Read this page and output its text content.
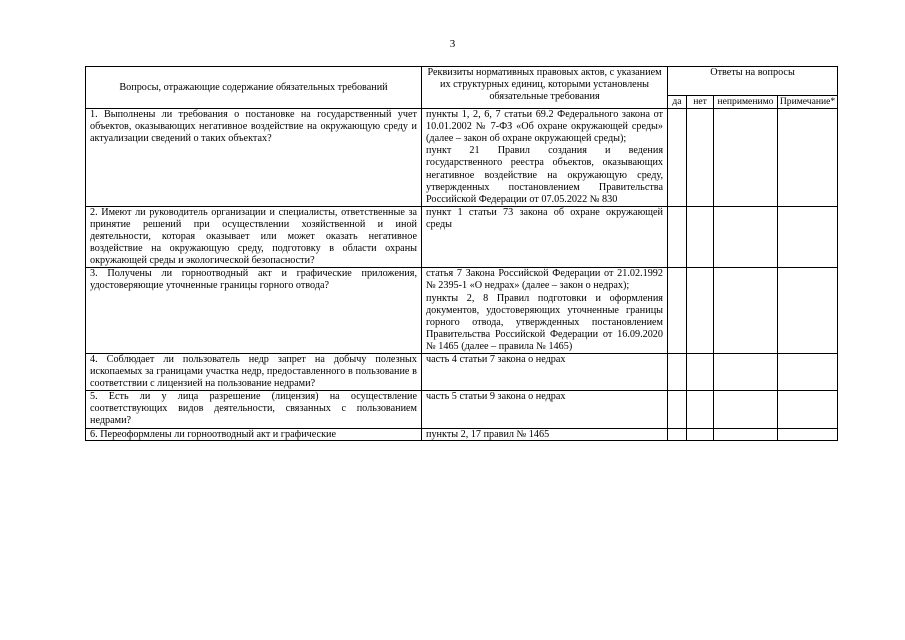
3
Вопросы, отражающие содержание обязательных требований	Реквизиты нормативных правовых актов, с указанием их структурных единиц, которыми установлены обязательные требования	Ответы на вопросы			
		да	нет	неприменимо	Примечание*
1. Выполнены ли требования о постановке на государственный учет объектов, оказывающих негативное воздействие на окружающую среду и актуализации сведений о таких объектах?	пункты 1, 2, 6, 7 статьи 69.2 Федерального закона от 10.01.2002 № 7-ФЗ «Об охране окружающей среды» (далее – закон об охране окружающей среды);
пункт 21 Правил создания и ведения государственного реестра объектов, оказывающих негативное воздействие на окружающую среду, утвержденных постановлением Правительства Российской Федерации от 07.05.2022 № 830				

2. Имеют ли руководитель организации и специалисты, ответственные за принятие решений при осуществлении хозяйственной и иной деятельности, которая оказывает или может оказать негативное воздействие на окружающую среду, подготовку в области охраны окружающей среды и экологической безопасности?	пункт 1 статьи 73 закона об охране окружающей среды				

3. Получены ли горноотводный акт и графические приложения, удостоверяющие уточненные границы горного отвода?	статья 7 Закона Российской Федерации от 21.02.1992 № 2395-1 «О недрах» (далее – закон о недрах);
пункты 2, 8 Правил подготовки и оформления документов, удостоверяющих уточненные границы горного отвода, утвержденных постановлением Правительства Российской Федерации от 16.09.2020 № 1465 (далее – правила № 1465)				

4. Соблюдает ли пользователь недр запрет на добычу полезных ископаемых за границами участка недр, предоставленного в пользование в соответствии с лицензией на пользование недрами?	часть 4 статьи 7 закона о недрах				

5. Есть ли у лица разрешение (лицензия) на осуществление соответствующих видов деятельности, связанных с пользованием недрами?	часть 5 статьи 9 закона о недрах				

6. Переоформлены ли горноотводный акт и графические	пункты 2, 17 правил № 1465				
